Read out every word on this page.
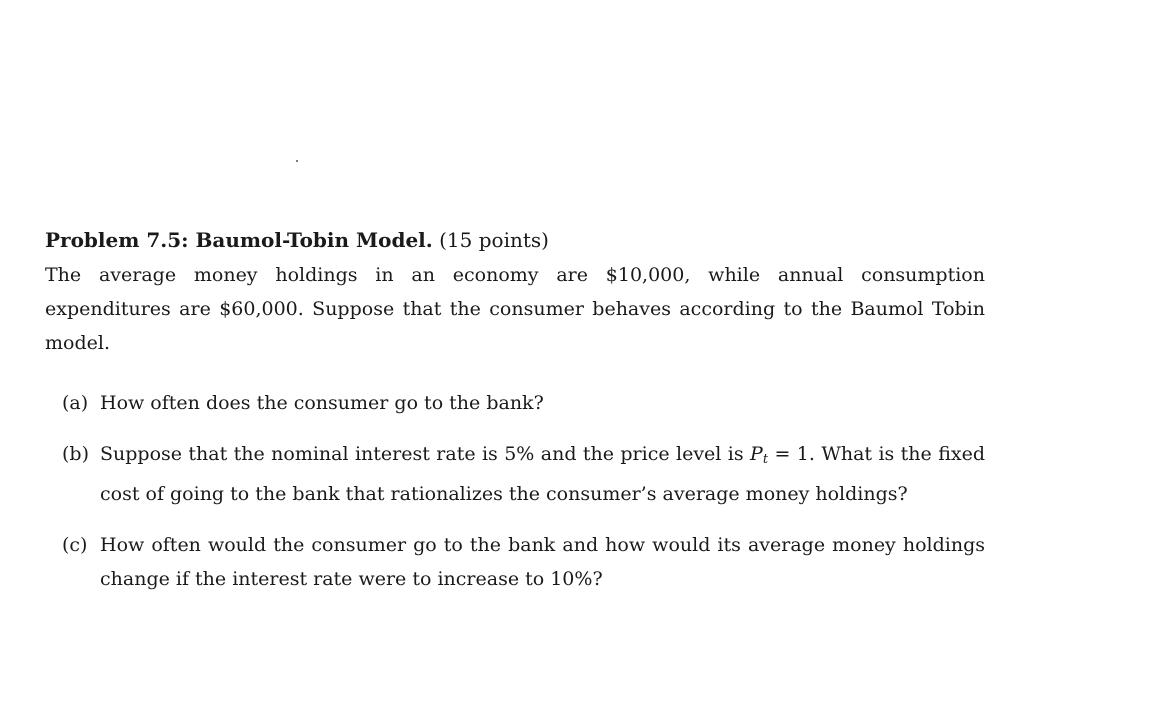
Problem 7.5: Baumol-Tobin Model. (15 points)
The average money holdings in an economy are $10,000, while annual consumption expenditures are $60,000. Suppose that the consumer behaves according to the Baumol Tobin model.
(a) How often does the consumer go to the bank?
(b) Suppose that the nominal interest rate is 5% and the price level is Pt = 1. What is the fixed cost of going to the bank that rationalizes the consumer’s average money holdings?
(c) How often would the consumer go to the bank and how would its average money holdings change if the interest rate were to increase to 10%?
